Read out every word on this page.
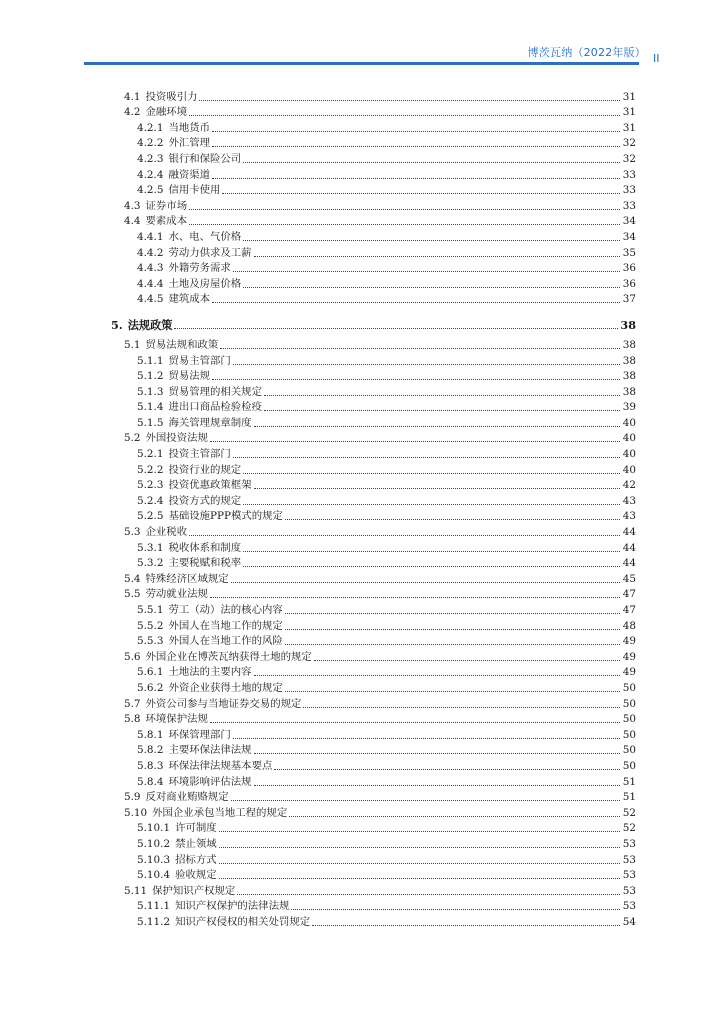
博茨瓦纳（2022年版） II
4.1 投资吸引力	31
4.2 金融环境	31
4.2.1 当地货币	31
4.2.2 外汇管理	32
4.2.3 银行和保险公司	32
4.2.4 融资渠道	33
4.2.5 信用卡使用	33
4.3 证券市场	33
4.4 要素成本	34
4.4.1 水、电、气价格	34
4.4.2 劳动力供求及工薪	35
4.4.3 外籍劳务需求	36
4.4.4 土地及房屋价格	36
4.4.5 建筑成本	37
5. 法规政策	38
5.1 贸易法规和政策	38
5.1.1 贸易主管部门	38
5.1.2 贸易法规	38
5.1.3 贸易管理的相关规定	38
5.1.4 进出口商品检验检疫	39
5.1.5 海关管理规章制度	40
5.2 外国投资法规	40
5.2.1 投资主管部门	40
5.2.2 投资行业的规定	40
5.2.3 投资优惠政策框架	42
5.2.4 投资方式的规定	43
5.2.5 基础设施PPP模式的规定	43
5.3 企业税收	44
5.3.1 税收体系和制度	44
5.3.2 主要税赋和税率	44
5.4 特殊经济区域规定	45
5.5 劳动就业法规	47
5.5.1 劳工（动）法的核心内容	47
5.5.2 外国人在当地工作的规定	48
5.5.3 外国人在当地工作的风险	49
5.6 外国企业在博茨瓦纳获得土地的规定	49
5.6.1 土地法的主要内容	49
5.6.2 外资企业获得土地的规定	50
5.7 外资公司参与当地证券交易的规定	50
5.8 环境保护法规	50
5.8.1 环保管理部门	50
5.8.2 主要环保法律法规	50
5.8.3 环保法律法规基本要点	50
5.8.4 环境影响评估法规	51
5.9 反对商业贿赂规定	51
5.10 外国企业承包当地工程的规定	52
5.10.1 许可制度	52
5.10.2 禁止领域	53
5.10.3 招标方式	53
5.10.4 验收规定	53
5.11 保护知识产权规定	53
5.11.1 知识产权保护的法律法规	53
5.11.2 知识产权侵权的相关处罚规定	54
